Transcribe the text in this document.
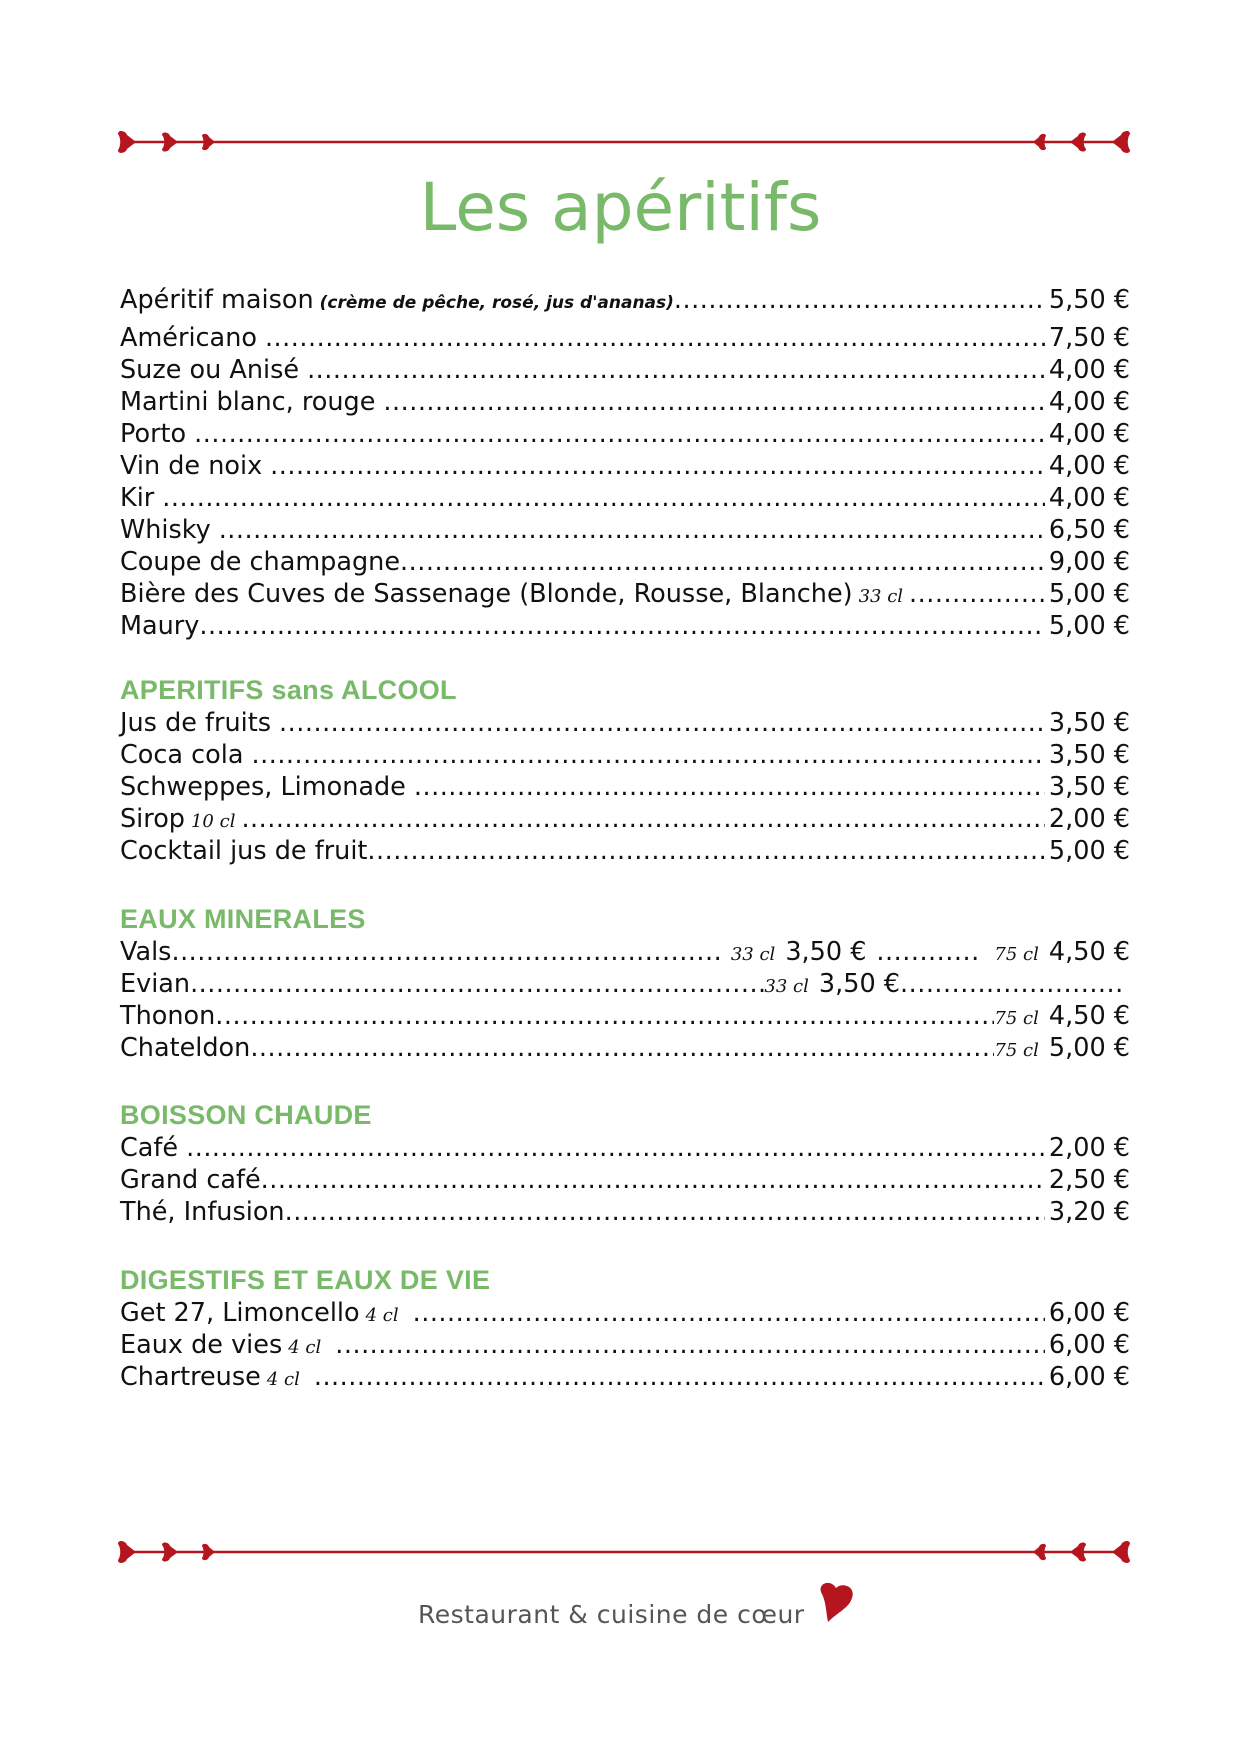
Les apéritifs
Apéritif maison (crème de pêche, rosé, jus d'ananas) .....	5,50 €
Américano .....	7,50 €
Suze ou Anisé .....	4,00 €
Martini blanc, rouge .....	4,00 €
Porto .....	4,00 €
Vin de noix .....	4,00 €
Kir .....	4,00 €
Whisky .....	6,50 €
Coupe de champagne .....	9,00 €
Bière des Cuves de Sassenage (Blonde, Rousse, Blanche) 33 cl .....	5,00 €
Maury .....	5,00 €
APERITIFS sans ALCOOL
Jus de fruits .....	3,50 €
Coca cola .....	3,50 €
Schweppes, Limonade .....	3,50 €
Sirop 10 cl .....	2,00 €
Cocktail jus de fruit .....	5,00 €
EAUX MINERALES
Vals .....	33 cl 3,50 € ............ 75 cl 4,50 €
Evian .....	33 cl 3,50 € ..........................
Thonon .....	75 cl 4,50 €
Chateldon .....	75 cl 5,00 €
BOISSON CHAUDE
Café .....	2,00 €
Grand café .....	2,50 €
Thé, Infusion .....	3,20 €
DIGESTIFS ET EAUX DE VIE
Get 27, Limoncello 4 cl .....	6,00 €
Eaux de vies 4 cl .....	6,00 €
Chartreuse 4 cl .....	6,00 €
Restaurant & cuisine de cœur
